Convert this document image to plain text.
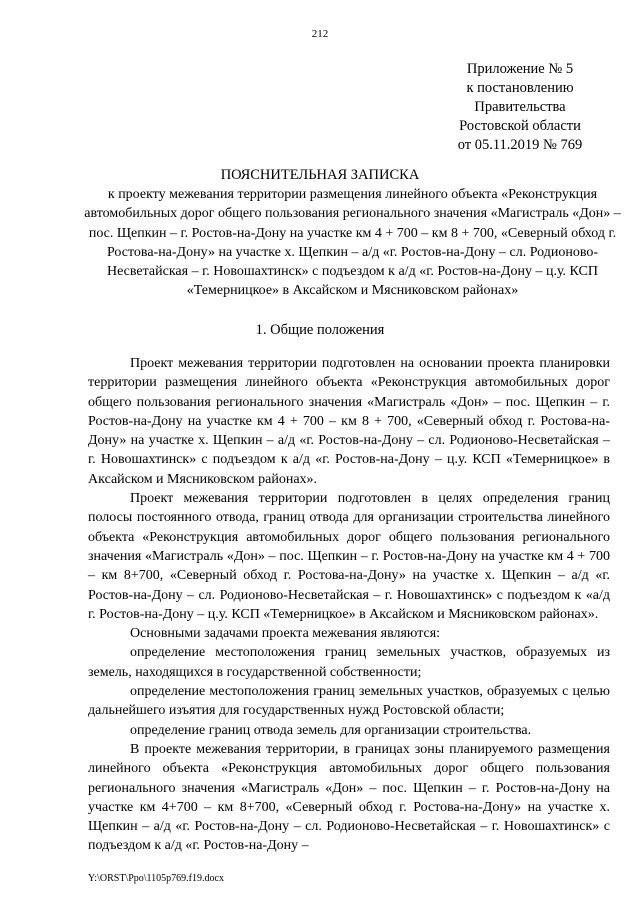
212
Приложение № 5
к постановлению
Правительства
Ростовской области
от 05.11.2019 № 769
ПОЯСНИТЕЛЬНАЯ ЗАПИСКА
к проекту межевания территории размещения линейного объекта «Реконструкция автомобильных дорог общего пользования регионального значения «Магистраль «Дон» – пос. Щепкин – г. Ростов-на-Дону на участке км 4 + 700 – км 8 + 700, «Северный обход г. Ростова-на-Дону» на участке х. Щепкин – а/д «г. Ростов-на-Дону – сл. Родионово-Несветайская – г. Новошахтинск» с подъездом к а/д «г. Ростов-на-Дону – ц.у. КСП «Темерницкое» в Аксайском и Мясниковском районах»
1. Общие положения

Проект межевания территории подготовлен на основании проекта планировки территории размещения линейного объекта «Реконструкция автомобильных дорог общего пользования регионального значения «Магистраль «Дон» – пос. Щепкин – г. Ростов-на-Дону на участке км 4 + 700 – км 8 + 700, «Северный обход г. Ростова-на-Дону» на участке х. Щепкин – а/д «г. Ростов-на-Дону – сл. Родионово-Несветайская – г. Новошахтинск» с подъездом к а/д «г. Ростов-на-Дону – ц.у. КСП «Темерницкое» в Аксайском и Мясниковском районах».

Проект межевания территории подготовлен в целях определения границ полосы постоянного отвода, границ отвода для организации строительства линейного объекта «Реконструкция автомобильных дорог общего пользования регионального значения «Магистраль «Дон» – пос. Щепкин – г. Ростов-на-Дону на участке км 4 + 700 – км 8+700, «Северный обход г. Ростова-на-Дону» на участке х. Щепкин – а/д «г. Ростов-на-Дону – сл. Родионово-Несветайская – г. Новошахтинск» с подъездом к «а/д г. Ростов-на-Дону – ц.у. КСП «Темерницкое» в Аксайском и Мясниковском районах».

Основными задачами проекта межевания являются:

определение местоположения границ земельных участков, образуемых из земель, находящихся в государственной собственности;

определение местоположения границ земельных участков, образуемых с целью дальнейшего изъятия для государственных нужд Ростовской области;

определение границ отвода земель для организации строительства.

В проекте межевания территории, в границах зоны планируемого размещения линейного объекта «Реконструкция автомобильных дорог общего пользования регионального значения «Магистраль «Дон» – пос. Щепкин – г. Ростов-на-Дону на участке км 4+700 – км 8+700, «Северный обход г. Ростова-на-Дону» на участке х. Щепкин – а/д «г. Ростов-на-Дону – сл. Родионово-Несветайская – г. Новошахтинск» с подъездом к а/д «г. Ростов-на-Дону –

Y:\ORST\Ppo\1105p769.f19.docx
